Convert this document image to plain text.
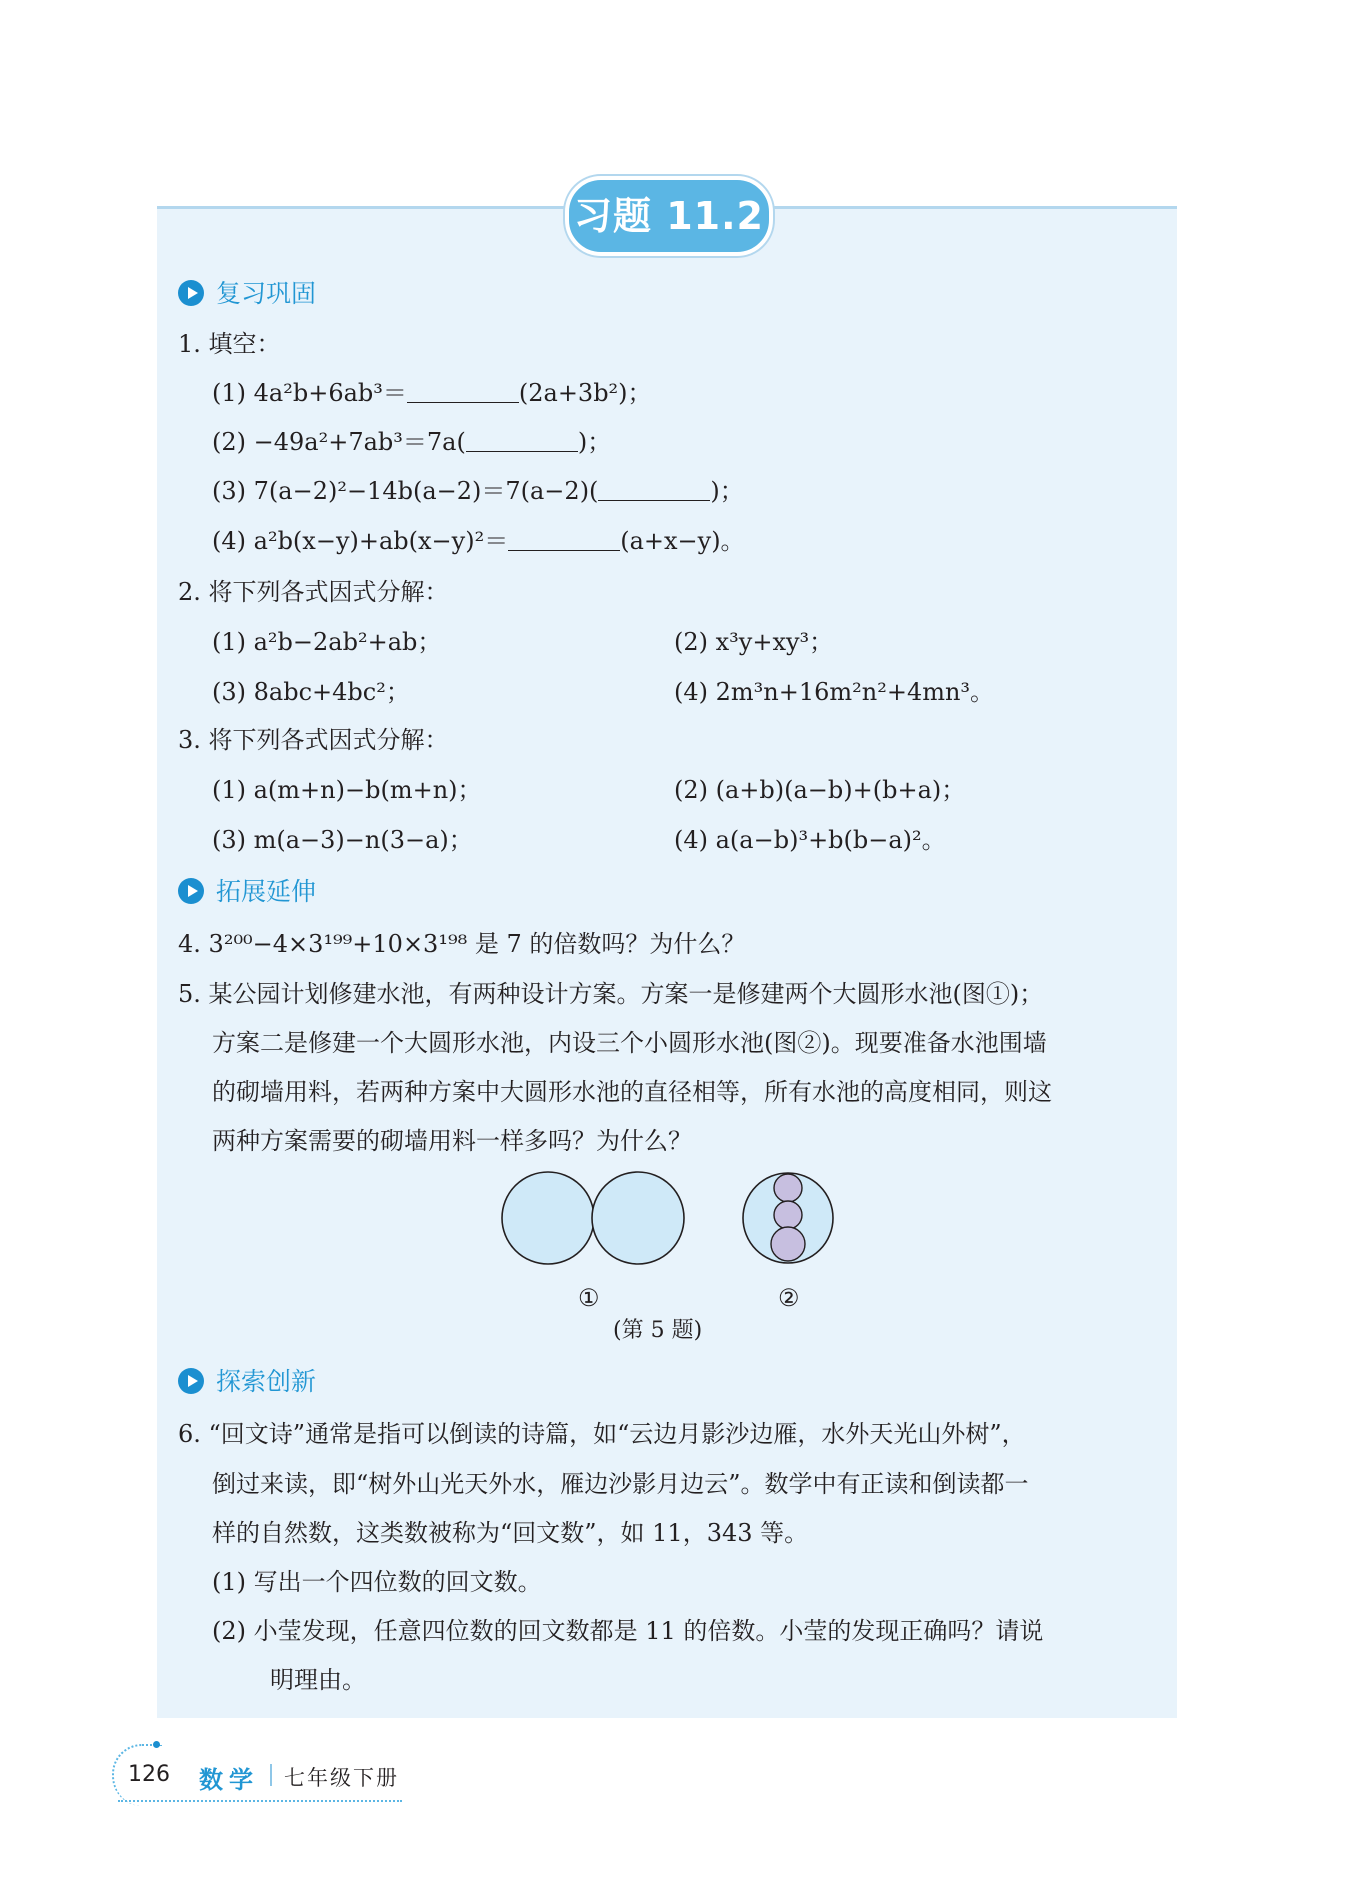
习题 11.2
复习巩固
1. 填空：
(1) 4a²b+6ab³＝	(2a+3b²)；
(2) −49a²+7ab³＝7a(	)；
(3) 7(a−2)²−14b(a−2)＝7(a−2)(	)；
(4) a²b(x−y)+ab(x−y)²＝	(a+x−y)。
2. 将下列各式因式分解：
(1) a²b−2ab²+ab；	(2) x³y+xy³；
(3) 8abc+4bc²；	(4) 2m³n+16m²n²+4mn³。
3. 将下列各式因式分解：
(1) a(m+n)−b(m+n)；	(2) (a+b)(a−b)+(b+a)；
(3) m(a−3)−n(3−a)；	(4) a(a−b)³+b(b−a)²。
拓展延伸
4. 3²⁰⁰−4×3¹⁹⁹+10×3¹⁹⁸ 是 7 的倍数吗？为什么？
5. 某公园计划修建水池，有两种设计方案。方案一是修建两个大圆形水池(图①)；
方案二是修建一个大圆形水池，内设三个小圆形水池(图②)。现要准备水池围墙
的砌墙用料，若两种方案中大圆形水池的直径相等，所有水池的高度相同，则这
两种方案需要的砌墙用料一样多吗？为什么？
①	②
(第 5 题)
探索创新
6. “回文诗”通常是指可以倒读的诗篇，如“云边月影沙边雁，水外天光山外树”，
倒过来读，即“树外山光天外水，雁边沙影月边云”。数学中有正读和倒读都一
样的自然数，这类数被称为“回文数”，如 11，343 等。
(1) 写出一个四位数的回文数。
(2) 小莹发现，任意四位数的回文数都是 11 的倍数。小莹的发现正确吗？请说
明理由。
126 数学 七年级下册
